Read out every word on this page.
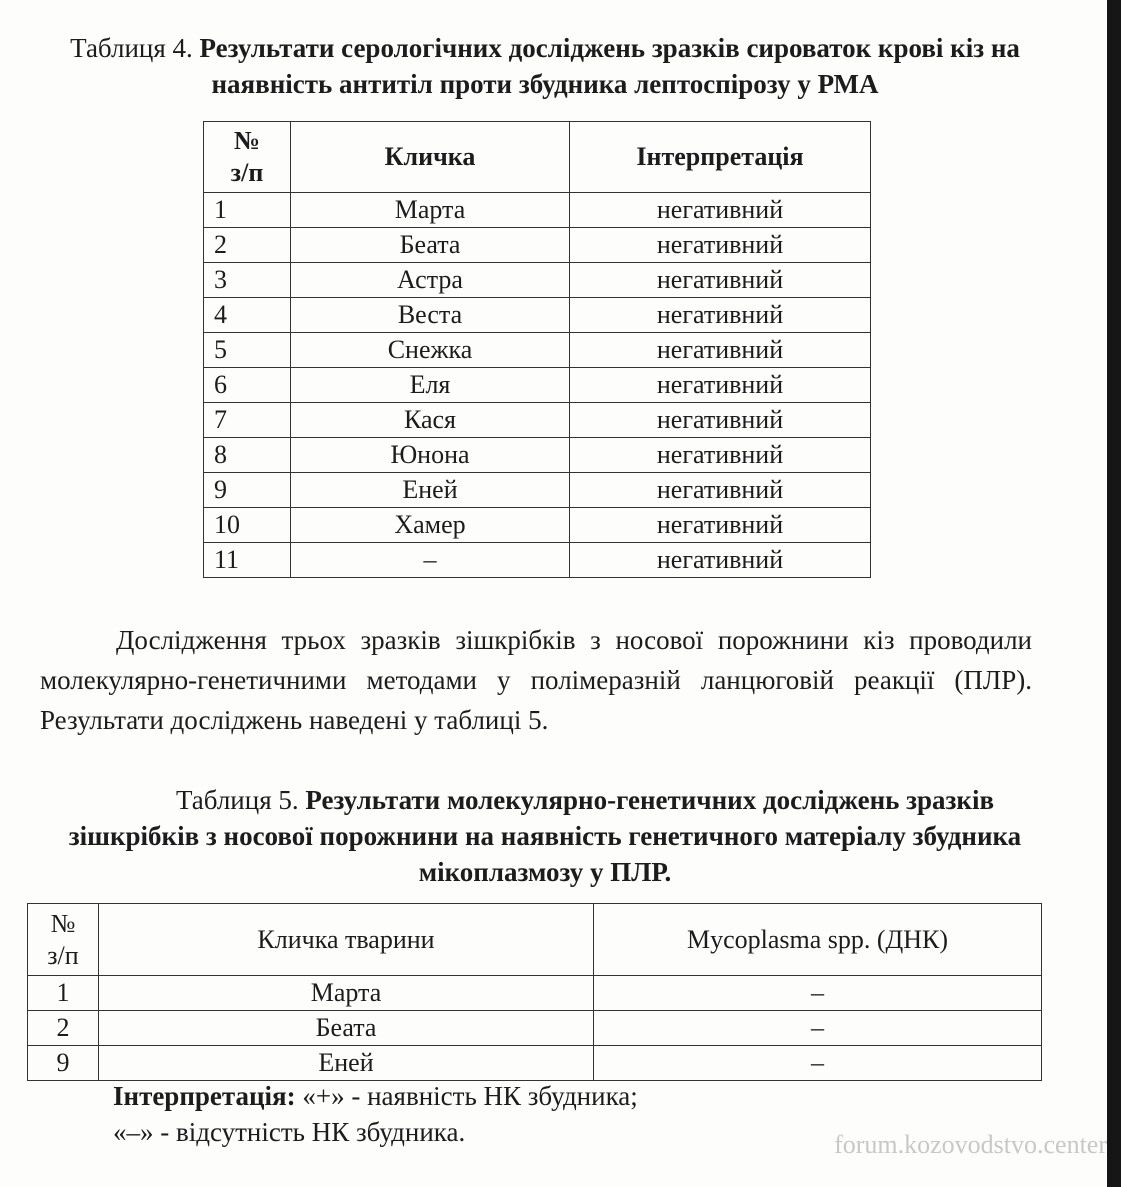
Таблиця 4. Результати серологічних досліджень зразків сироваток крові кіз на наявність антитіл проти збудника лептоспірозу у РМА
№
з/п	Кличка	Інтерпретація
1	Марта	негативний
2	Беата	негативний
3	Астра	негативний
4	Веста	негативний
5	Снежка	негативний
6	Еля	негативний
7	Кася	негативний
8	Юнона	негативний
9	Еней	негативний
10	Хамер	негативний
11	–	негативний
Дослідження трьох зразків зішкрібків з носової порожнини кіз проводили молекулярно-генетичними методами у полімеразній ланцюговій реакції (ПЛР). Результати досліджень наведені у таблиці 5.
Таблиця 5. Результати молекулярно-генетичних досліджень зразків зішкрібків з носової порожнини на наявність генетичного матеріалу збудника мікоплазмозу у ПЛР.
№
з/п	Кличка тварини	Mycoplasma spp. (ДНК)
1	Марта	–
2	Беата	–
9	Еней	–
Інтерпретація: «+» - наявність НК збудника;
«–» - відсутність НК збудника.	forum.kozovodstvo.center
